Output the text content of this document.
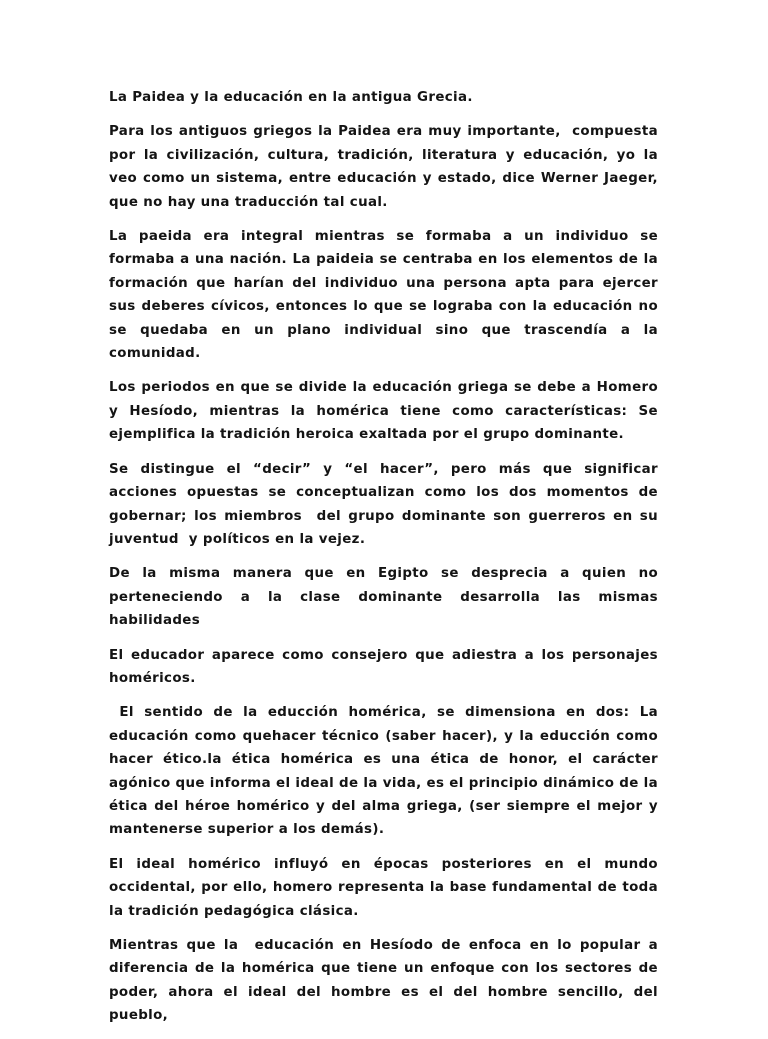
La Paidea y la educación en la antigua Grecia.

Para los antiguos griegos la Paidea era muy importante,  compuesta por la civilización, cultura, tradición, literatura y educación, yo la veo como un sistema, entre educación y estado, dice Werner Jaeger, que no hay una traducción tal cual.

La paeida era integral mientras se formaba a un individuo se formaba a una nación. La paideia se centraba en los elementos de la formación que harían del individuo una persona apta para ejercer sus deberes cívicos, entonces lo que se lograba con la educación no se quedaba en un plano individual sino que trascendía a la comunidad.

Los periodos en que se divide la educación griega se debe a Homero y Hesíodo, mientras la homérica tiene como características: Se ejemplifica la tradición heroica exaltada por el grupo dominante.

Se distingue el “decir” y “el hacer”, pero más que significar acciones opuestas se conceptualizan como los dos momentos de gobernar; los miembros  del grupo dominante son guerreros en su juventud  y políticos en la vejez.

De la misma manera que en Egipto se desprecia a quien no perteneciendo a la clase dominante desarrolla las mismas habilidades

El educador aparece como consejero que adiestra a los personajes homéricos.

El sentido de la educción homérica, se dimensiona en dos: La educación como quehacer técnico (saber hacer), y la educción como hacer ético.la ética homérica es una ética de honor, el carácter agónico que informa el ideal de la vida, es el principio dinámico de la ética del héroe homérico y del alma griega, (ser siempre el mejor y mantenerse superior a los demás).

El ideal homérico influyó en épocas posteriores en el mundo occidental, por ello, homero representa la base fundamental de toda la tradición pedagógica clásica.

Mientras que la  educación en Hesíodo de enfoca en lo popular a diferencia de la homérica que tiene un enfoque con los sectores de poder, ahora el ideal del hombre es el del hombre sencillo, del pueblo,
